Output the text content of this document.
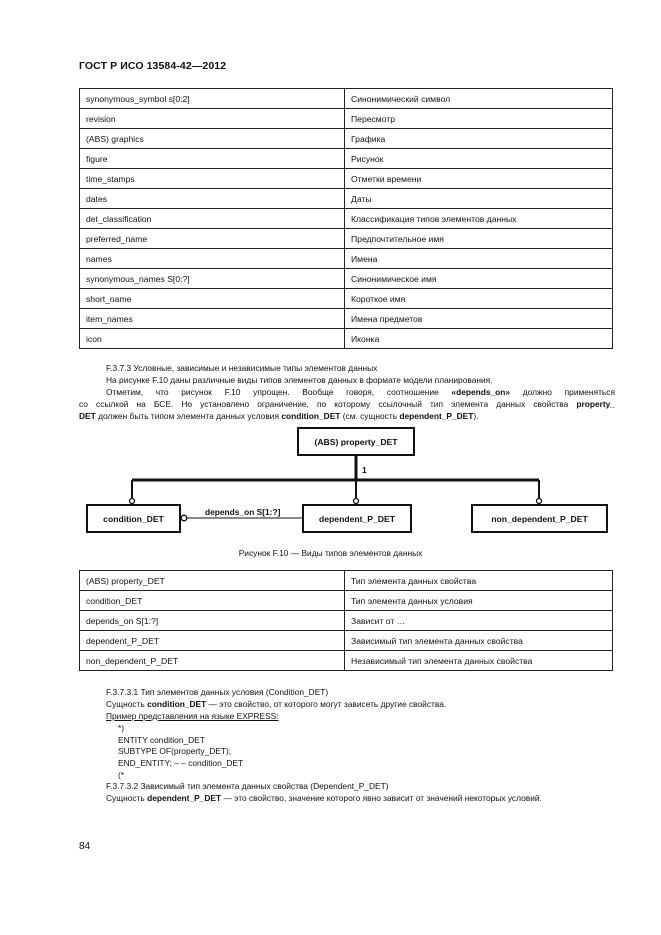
ГОСТ Р ИСО 13584-42—2012
synonymous_symbol s[0:2]	Синонимический символ
revision	Пересмотр
(ABS) graphics	Графика
figure	Рисунок
time_stamps	Отметки времени
dates	Даты
det_classification	Классификация типов элементов данных
preferred_name	Предпочтительное имя
names	Имена
synonymous_names S[0:?]	Синонимическое имя
short_name	Короткое имя
item_names	Имена предметов
icon	Иконка
F.3.7.3 Условные, зависимые и независимые типы элементов данных
На рисунке F.10 даны различные виды типов элементов данных в формате модели планирования.
Отметим, что рисунок F.10 упрощен. Вообще говоря, соотношение «depends_on» должно применяться
со ссылкой на БСЕ. Но установлено ограничение, по которому ссылочный тип элемента данных свойства property_
DET должен быть типом элемента данных условия condition_DET (см. сущность dependent_P_DET).
(ABS) property_DET
1
condition_DET
depends_on S[1:?]
dependent_P_DET	non_dependent_P_DET
Рисунок F.10 — Виды типов элементов данных
(ABS) property_DET	Тип элемента данных свойства
condition_DET	Тип элемента данных условия
depends_on S[1:?]	Зависит от …
dependent_P_DET	Зависимый тип элемента данных свойства
non_dependent_P_DET	Независимый тип элемента данных свойства
F.3.7.3.1 Тип элементов данных условия (Condition_DET)
Сущность condition_DET — это свойство, от которого могут зависеть другие свойства.
Пример представления на языке EXPRESS:
*)
ENTITY condition_DET
SUBTYPE OF(property_DET);
END_ENTITY; – – condition_DET
(*
F.3.7.3.2 Зависимый тип элемента данных свойства (Dependent_P_DET)
Сущность dependent_P_DET — это свойство, значение которого явно зависит от значений некоторых условий.
84
